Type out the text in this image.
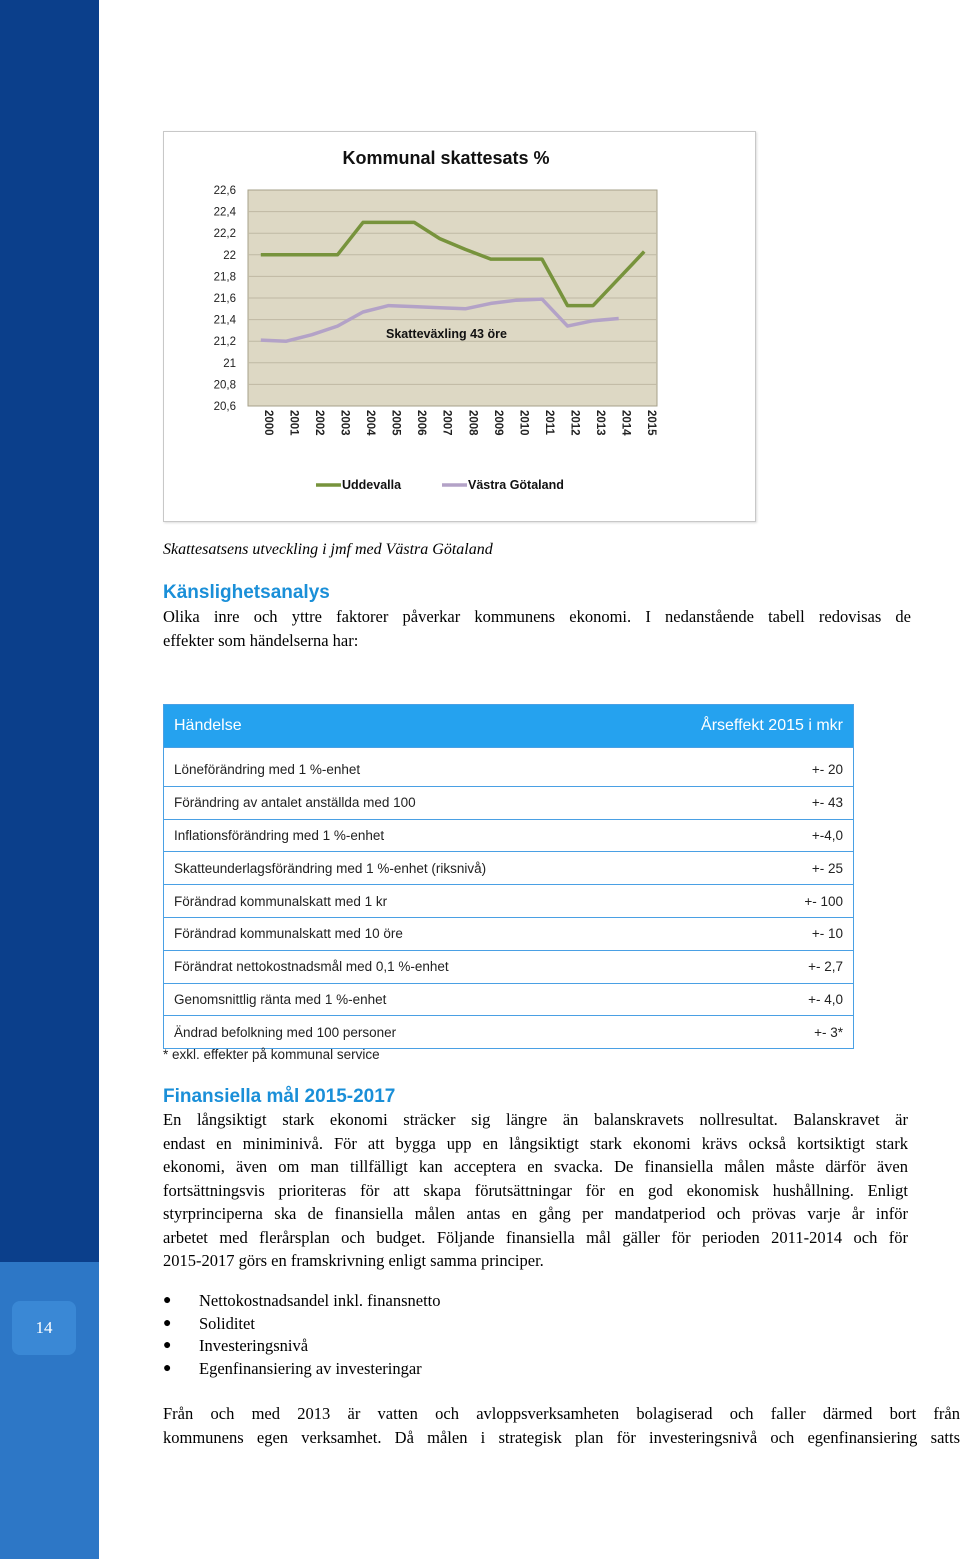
14
22,6
22,4
22,2
22
21,8
21,6
21,4
21,2
21
20,8
20,6
2000 2001 2002 2003 2004 2005 2006 2007 2008 2009 2010 2011 2012 2013 2014 2015
Kommunal skattesats %
Skatteväxling 43 öre
Uddevalla	Västra Götaland
Skattesatsens utveckling i jmf med Västra Götaland
Känslighetsanalys
Olika inre och yttre faktorer påverkar kommunens ekonomi. I nedanstående tabell redovisas de
effekter som händelserna har:
Händelse	Årseffekt 2015 i mkr
Löneförändring med 1 %-enhet	+- 20
Förändring av antalet anställda med 100	+- 43
Inflationsförändring med 1 %-enhet	+-4,0
Skatteunderlagsförändring med 1 %-enhet (riksnivå)	+- 25
Förändrad kommunalskatt med 1 kr	+- 100
Förändrad kommunalskatt med 10 öre	+- 10
Förändrat nettokostnadsmål med 0,1 %-enhet	+- 2,7
Genomsnittlig ränta med 1 %-enhet	+- 4,0
Ändrad befolkning med 100 personer	+- 3*
* exkl. effekter på kommunal service
Finansiella mål 2015-2017
En långsiktigt stark ekonomi sträcker sig längre än balanskravets nollresultat. Balanskravet är
endast en miniminivå. För att bygga upp en långsiktigt stark ekonomi krävs också kortsiktigt stark
ekonomi, även om man tillfälligt kan acceptera en svacka. De finansiella målen måste därför även
fortsättningsvis prioriteras för att skapa förutsättningar för en god ekonomisk hushållning. Enligt
styrprinciperna ska de finansiella målen antas en gång per mandatperiod och prövas varje år inför
arbetet med flerårsplan och budget. Följande finansiella mål gäller för perioden 2011-2014 och för
2015-2017 görs en framskrivning enligt samma principer.
●	Nettokostnadsandel inkl. finansnetto
●	Soliditet
●	Investeringsnivå
●	Egenfinansiering av investeringar
Från och med 2013 är vatten och avloppsverksamheten bolagiserad och faller därmed bort från
kommunens egen verksamhet. Då målen i strategisk plan för investeringsnivå och egenfinansiering satts
